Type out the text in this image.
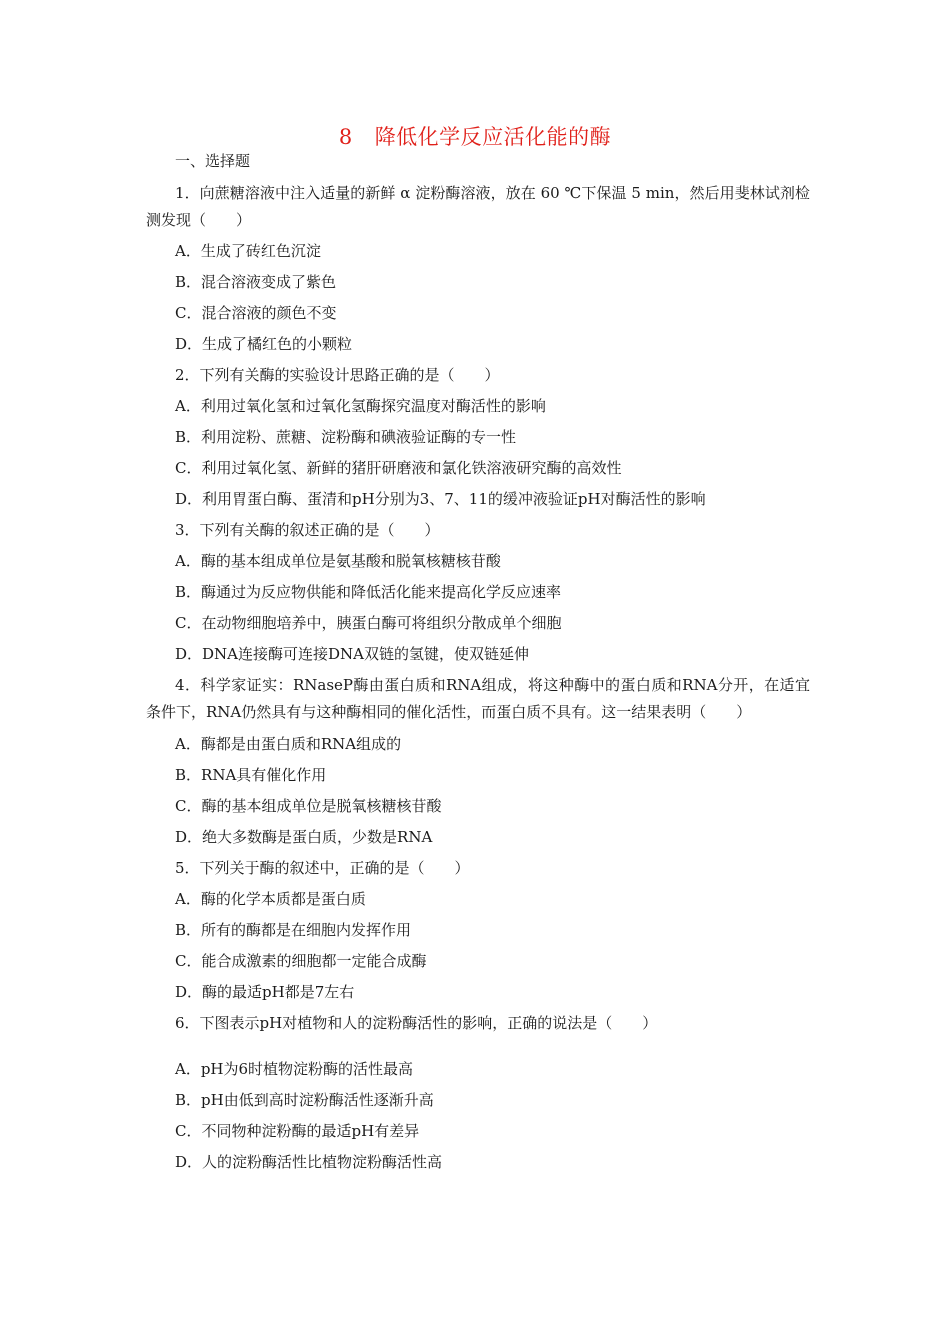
8 降低化学反应活化能的酶
一、选择题
1．向蔗糖溶液中注入适量的新鲜 α 淀粉酶溶液，放在 60 ℃下保温 5 min，然后用斐林试剂检测发现（　　）
A．生成了砖红色沉淀
B．混合溶液变成了紫色
C．混合溶液的颜色不变
D．生成了橘红色的小颗粒
2．下列有关酶的实验设计思路正确的是（　　）
A．利用过氧化氢和过氧化氢酶探究温度对酶活性的影响
B．利用淀粉、蔗糖、淀粉酶和碘液验证酶的专一性
C．利用过氧化氢、新鲜的猪肝研磨液和氯化铁溶液研究酶的高效性
D．利用胃蛋白酶、蛋清和pH分别为3、7、11的缓冲液验证pH对酶活性的影响
3．下列有关酶的叙述正确的是（　　）
A．酶的基本组成单位是氨基酸和脱氧核糖核苷酸
B．酶通过为反应物供能和降低活化能来提高化学反应速率
C．在动物细胞培养中，胰蛋白酶可将组织分散成单个细胞
D．DNA连接酶可连接DNA双链的氢键，使双链延伸
4．科学家证实：RNaseP酶由蛋白质和RNA组成，将这种酶中的蛋白质和RNA分开，在适宜条件下，RNA仍然具有与这种酶相同的催化活性，而蛋白质不具有。这一结果表明（　　）
A．酶都是由蛋白质和RNA组成的
B．RNA具有催化作用
C．酶的基本组成单位是脱氧核糖核苷酸
D．绝大多数酶是蛋白质，少数是RNA
5．下列关于酶的叙述中，正确的是（　　）
A．酶的化学本质都是蛋白质
B．所有的酶都是在细胞内发挥作用
C．能合成激素的细胞都一定能合成酶
D．酶的最适pH都是7左右
6．下图表示pH对植物和人的淀粉酶活性的影响，正确的说法是（　　）
A．pH为6时植物淀粉酶的活性最高
B．pH由低到高时淀粉酶活性逐渐升高
C．不同物种淀粉酶的最适pH有差异
D．人的淀粉酶活性比植物淀粉酶活性高
